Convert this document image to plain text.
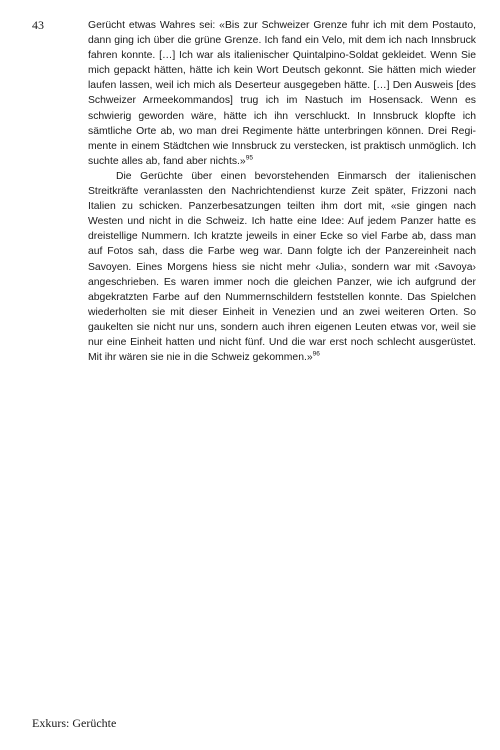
43	Gerücht etwas Wahres sei: «Bis zur Schweizer Grenze fuhr ich mit dem Postauto, dann ging ich über die grüne Grenze. Ich fand ein Velo, mit dem ich nach Innsbruck fahren konnte. […] Ich war als italienischer Quintalpino-Soldat gekleidet. Wenn Sie mich gepackt hätten, hätte ich kein Wort Deutsch gekonnt. Sie hätten mich wieder laufen lassen, weil ich mich als Deserteur ausgegeben hätte. […] Den Ausweis [des Schweizer Armeekommandos] trug ich im Nastuch im Hosensack. Wenn es schwierig geworden wäre, hätte ich ihn verschluckt. In Innsbruck klopfte ich sämtliche Orte ab, wo man drei Regimente hätte unterbringen können. Drei Regimente in einem Städtchen wie Innsbruck zu verstecken, ist praktisch unmöglich. Ich suchte alles ab, fand aber nichts.»$^{95}$

Die Gerüchte über einen bevorstehenden Einmarsch der italienischen Streitkräfte veranlassten den Nachrichtendienst kurze Zeit später, Frizzoni nach Italien zu schicken. Panzerbesatzungen teilten ihm dort mit, «sie gingen nach Westen und nicht in die Schweiz. Ich hatte eine Idee: Auf jedem Panzer hatte es dreistellige Nummern. Ich kratzte jeweils in einer Ecke so viel Farbe ab, dass man auf Fotos sah, dass die Farbe weg war. Dann folgte ich der Panzereinheit nach Savoyen. Eines Morgens hiess sie nicht mehr ‹Julia›, sondern war mit ‹Savoya› angeschrieben. Es waren immer noch die gleichen Panzer, wie ich aufgrund der abgekratzten Farbe auf den Nummernschildern feststellen konnte. Das Spielchen wiederholten sie mit dieser Einheit in Venezien und an zwei weiteren Orten. So gaukelten sie nicht nur uns, sondern auch ihren eigenen Leuten etwas vor, weil sie nur eine Einheit hatten und nicht fünf. Und die war erst noch schlecht ausgerüstet. Mit ihr wären sie nie in die Schweiz gekommen.»$^{96}$

Exkurs: Gerüchte
